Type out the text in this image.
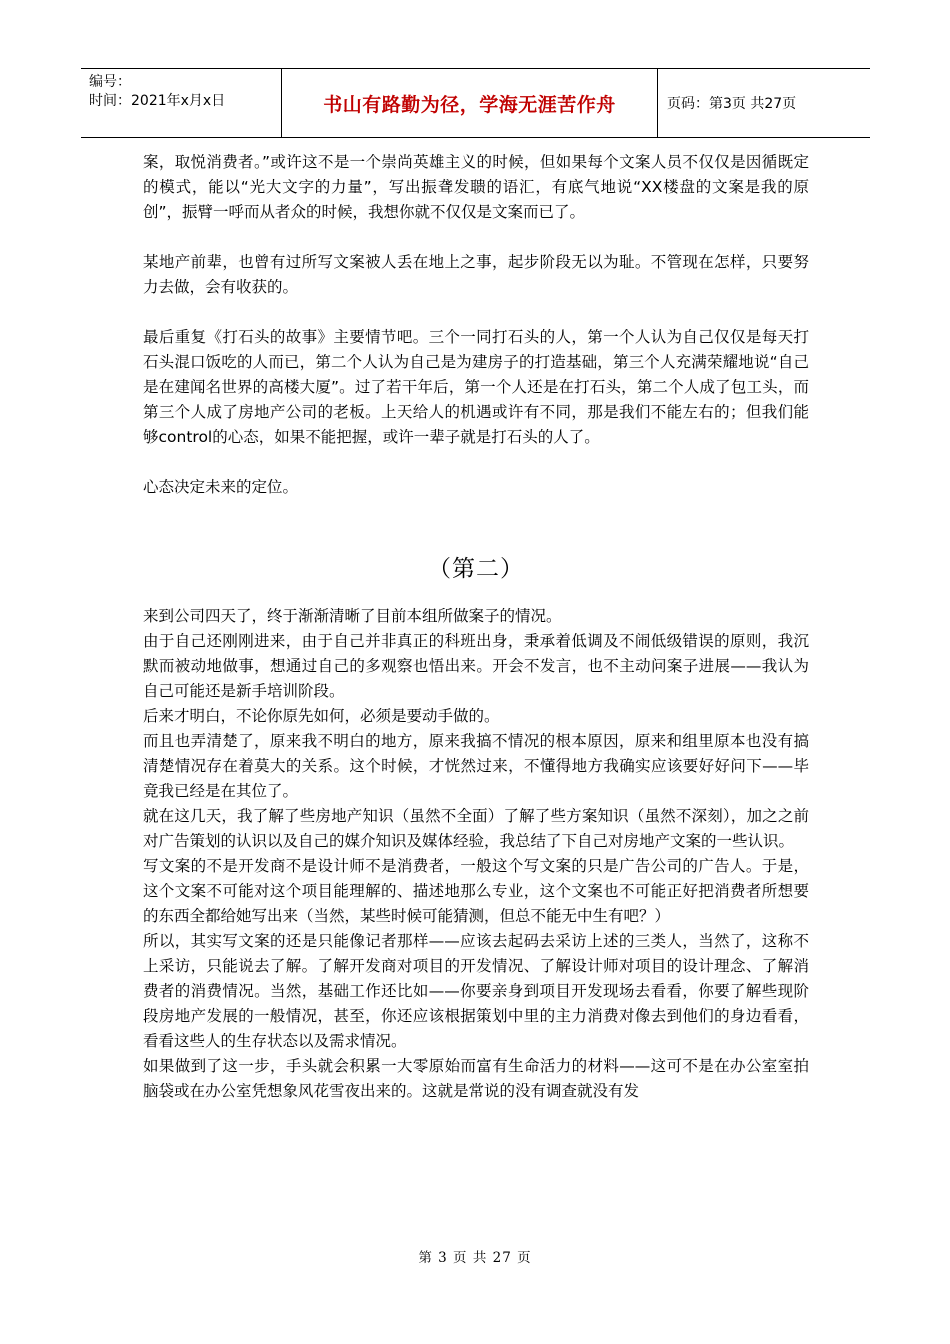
编号：
时间：2021年x月x日	书山有路勤为径，学海无涯苦作舟	页码：第3页 共27页

案，取悦消费者。”或许这不是一个崇尚英雄主义的时候，但如果每个文案人员不仅仅是因循既定的模式，能以“光大文字的力量”，写出振聋发聩的语汇，有底气地说“XX楼盘的文案是我的原创”，振臂一呼而从者众的时候，我想你就不仅仅是文案而已了。

某地产前辈，也曾有过所写文案被人丢在地上之事，起步阶段无以为耻。不管现在怎样，只要努力去做，会有收获的。

最后重复《打石头的故事》主要情节吧。三个一同打石头的人，第一个人认为自己仅仅是每天打石头混口饭吃的人而已，第二个人认为自己是为建房子的打造基础，第三个人充满荣耀地说“自己是在建闻名世界的高楼大厦”。过了若干年后，第一个人还是在打石头，第二个人成了包工头，而第三个人成了房地产公司的老板。上天给人的机遇或许有不同，那是我们不能左右的；但我们能够control的心态，如果不能把握，或许一辈子就是打石头的人了。

心态决定未来的定位。

（第二）

来到公司四天了，终于渐渐清晰了目前本组所做案子的情况。

由于自己还刚刚进来，由于自己并非真正的科班出身，秉承着低调及不闹低级错误的原则，我沉默而被动地做事，想通过自己的多观察也悟出来。开会不发言，也不主动问案子进展——我认为自己可能还是新手培训阶段。

后来才明白，不论你原先如何，必须是要动手做的。

而且也弄清楚了，原来我不明白的地方，原来我搞不情况的根本原因，原来和组里原本也没有搞清楚情况存在着莫大的关系。这个时候，才恍然过来，不懂得地方我确实应该要好好问下——毕竟我已经是在其位了。

就在这几天，我了解了些房地产知识（虽然不全面）了解了些方案知识（虽然不深刻），加之之前对广告策划的认识以及自己的媒介知识及媒体经验，我总结了下自己对房地产文案的一些认识。

写文案的不是开发商不是设计师不是消费者，一般这个写文案的只是广告公司的广告人。于是，这个文案不可能对这个项目能理解的、描述地那么专业，这个文案也不可能正好把消费者所想要的东西全都给她写出来（当然，某些时候可能猜测，但总不能无中生有吧？）

所以，其实写文案的还是只能像记者那样——应该去起码去采访上述的三类人，当然了，这称不上采访，只能说去了解。了解开发商对项目的开发情况、了解设计师对项目的设计理念、了解消费者的消费情况。当然，基础工作还比如——你要亲身到项目开发现场去看看，你要了解些现阶段房地产发展的一般情况，甚至，你还应该根据策划中里的主力消费对像去到他们的身边看看，看看这些人的生存状态以及需求情况。

如果做到了这一步，手头就会积累一大零原始而富有生命活力的材料——这可不是在办公室室拍脑袋或在办公室凭想象风花雪夜出来的。这就是常说的没有调查就没有发

第 3 页 共 27 页
